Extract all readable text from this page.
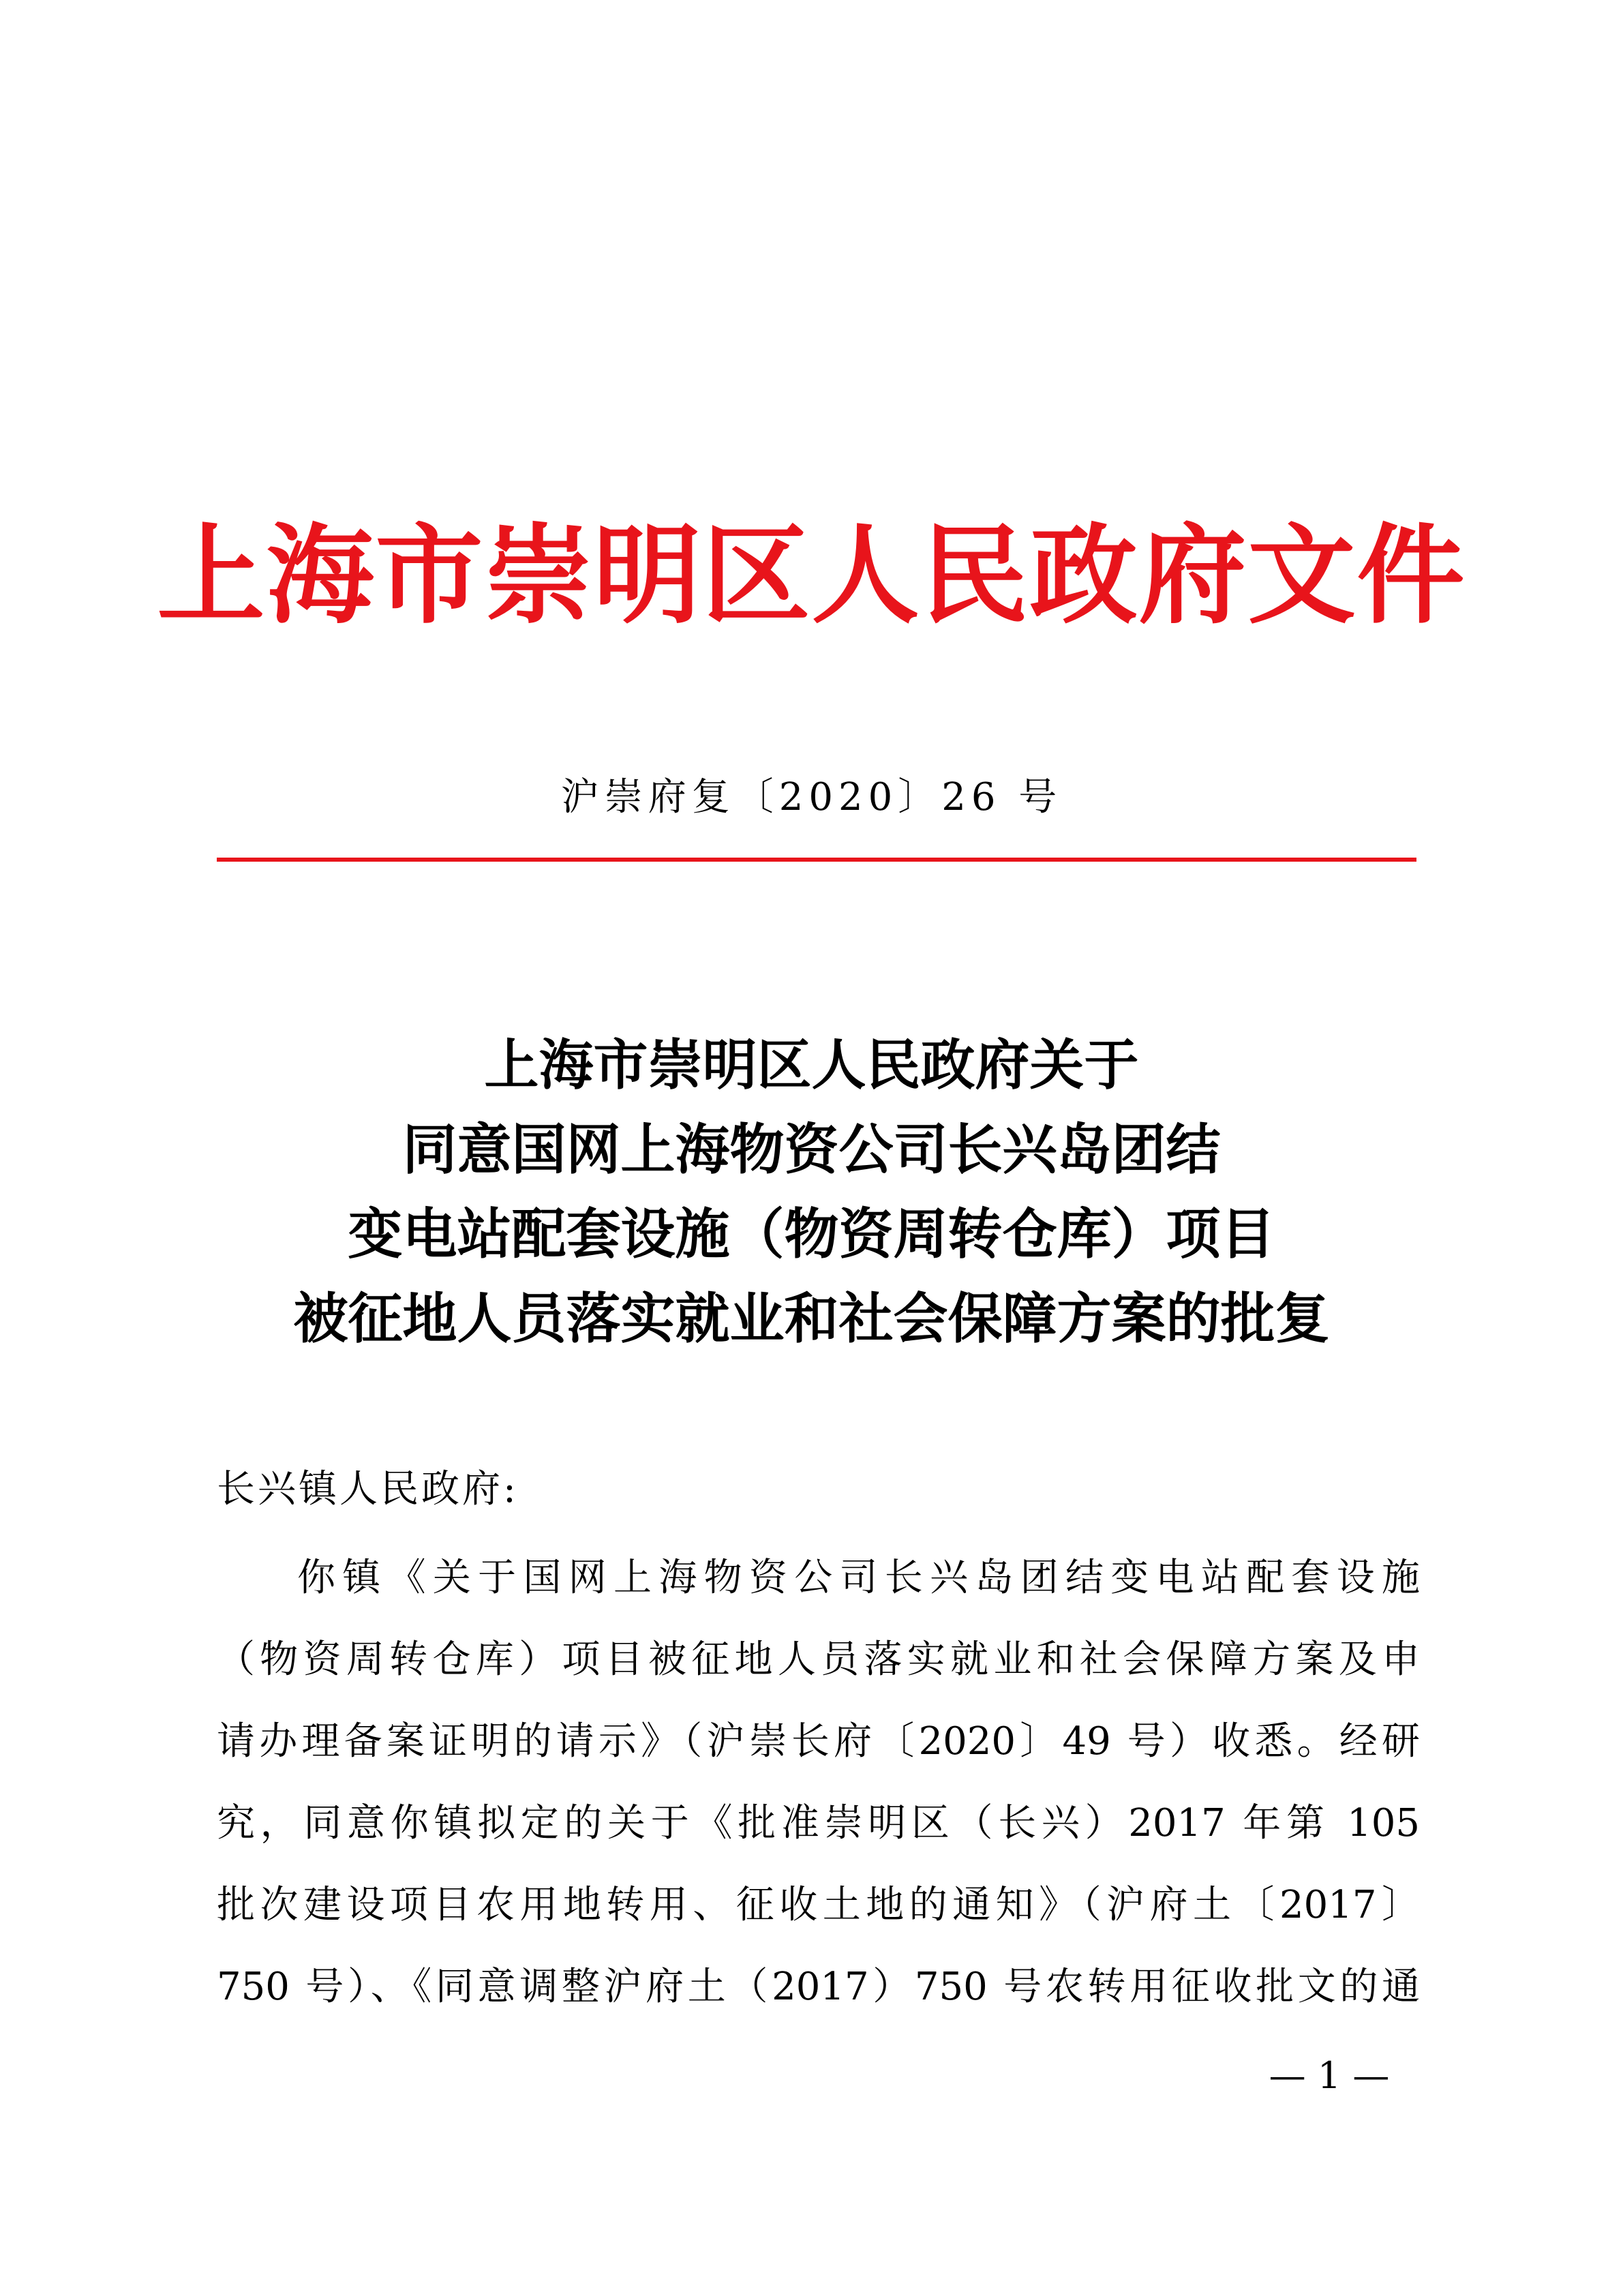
上海市崇明区人民政府文件
沪崇府复〔2020〕26 号
上海市崇明区人民政府关于
同意国网上海物资公司长兴岛团结
变电站配套设施（物资周转仓库）项目
被征地人员落实就业和社会保障方案的批复
长兴镇人民政府:
你镇《关于国网上海物资公司长兴岛团结变电站配套设施
（物资周转仓库）项目被征地人员落实就业和社会保障方案及申
请办理备案证明的请示》（沪崇长府〔2020〕49 号）收悉。经研
究，同意你镇拟定的关于《批准崇明区（长兴）2017 年第 105
批次建设项目农用地转用、征收土地的通知》（沪府土〔2017〕
750 号）、《同意调整沪府土（2017）750 号农转用征收批文的通
— 1 —
